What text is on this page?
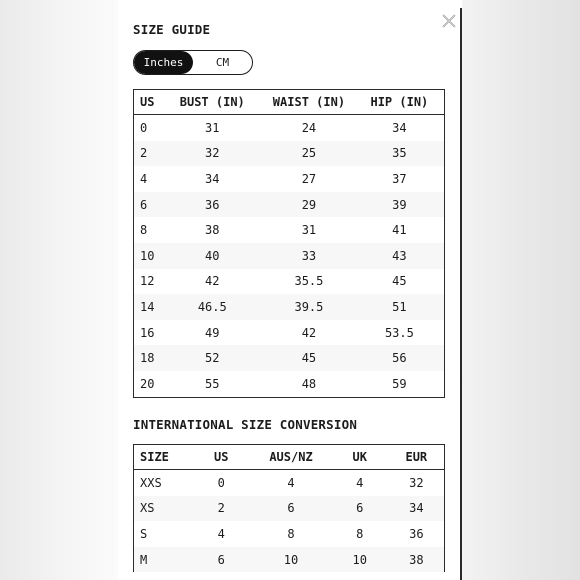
SIZE GUIDE
Inches	CM
US	BUST (IN)	WAIST (IN)	HIP (IN)
0	31	24	34
2	32	25	35
4	34	27	37
6	36	29	39
8	38	31	41
10	40	33	43
12	42	35.5	45
14	46.5	39.5	51
16	49	42	53.5
18	52	45	56
20	55	48	59
INTERNATIONAL SIZE CONVERSION
SIZE	US	AUS/NZ	UK	EUR
XXS	0	4	4	32
XS	2	6	6	34
S	4	8	8	36
M	6	10	10	38
